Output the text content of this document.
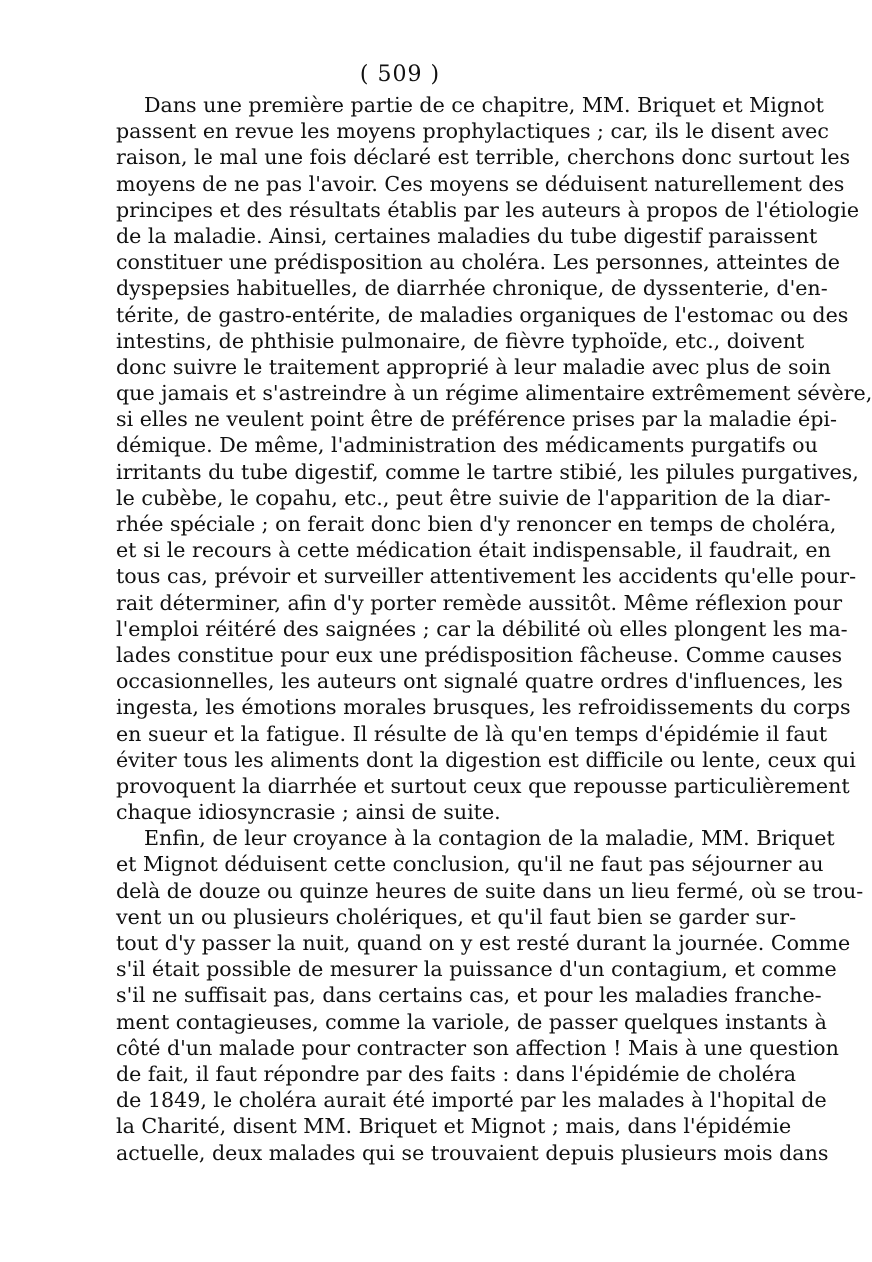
( 509 )
Dans une première partie de ce chapitre, MM. Briquet et Mignot
passent en revue les moyens prophylactiques ; car, ils le disent avec
raison, le mal une fois déclaré est terrible, cherchons donc surtout les
moyens de ne pas l'avoir. Ces moyens se déduisent naturellement des
principes et des résultats établis par les auteurs à propos de l'étiologie
de la maladie. Ainsi, certaines maladies du tube digestif paraissent
constituer une prédisposition au choléra. Les personnes, atteintes de
dyspepsies habituelles, de diarrhée chronique, de dyssenterie, d'en-
térite, de gastro-entérite, de maladies organiques de l'estomac ou des
intestins, de phthisie pulmonaire, de fièvre typhoïde, etc., doivent
donc suivre le traitement approprié à leur maladie avec plus de soin
que jamais et s'astreindre à un régime alimentaire extrêmement sévère,
si elles ne veulent point être de préférence prises par la maladie épi-
démique. De même, l'administration des médicaments purgatifs ou
irritants du tube digestif, comme le tartre stibié, les pilules purgatives,
le cubèbe, le copahu, etc., peut être suivie de l'apparition de la diar-
rhée spéciale ; on ferait donc bien d'y renoncer en temps de choléra,
et si le recours à cette médication était indispensable, il faudrait, en
tous cas, prévoir et surveiller attentivement les accidents qu'elle pour-
rait déterminer, afin d'y porter remède aussitôt. Même réflexion pour
l'emploi réitéré des saignées ; car la débilité où elles plongent les ma-
lades constitue pour eux une prédisposition fâcheuse. Comme causes
occasionnelles, les auteurs ont signalé quatre ordres d'influences, les
ingesta, les émotions morales brusques, les refroidissements du corps
en sueur et la fatigue. Il résulte de là qu'en temps d'épidémie il faut
éviter tous les aliments dont la digestion est difficile ou lente, ceux qui
provoquent la diarrhée et surtout ceux que repousse particulièrement
chaque idiosyncrasie ; ainsi de suite.
Enfin, de leur croyance à la contagion de la maladie, MM. Briquet
et Mignot déduisent cette conclusion, qu'il ne faut pas séjourner au
delà de douze ou quinze heures de suite dans un lieu fermé, où se trou-
vent un ou plusieurs cholériques, et qu'il faut bien se garder sur-
tout d'y passer la nuit, quand on y est resté durant la journée. Comme
s'il était possible de mesurer la puissance d'un contagium, et comme
s'il ne suffisait pas, dans certains cas, et pour les maladies franche-
ment contagieuses, comme la variole, de passer quelques instants à
côté d'un malade pour contracter son affection ! Mais à une question
de fait, il faut répondre par des faits : dans l'épidémie de choléra
de 1849, le choléra aurait été importé par les malades à l'hopital de
la Charité, disent MM. Briquet et Mignot ; mais, dans l'épidémie
actuelle, deux malades qui se trouvaient depuis plusieurs mois dans
